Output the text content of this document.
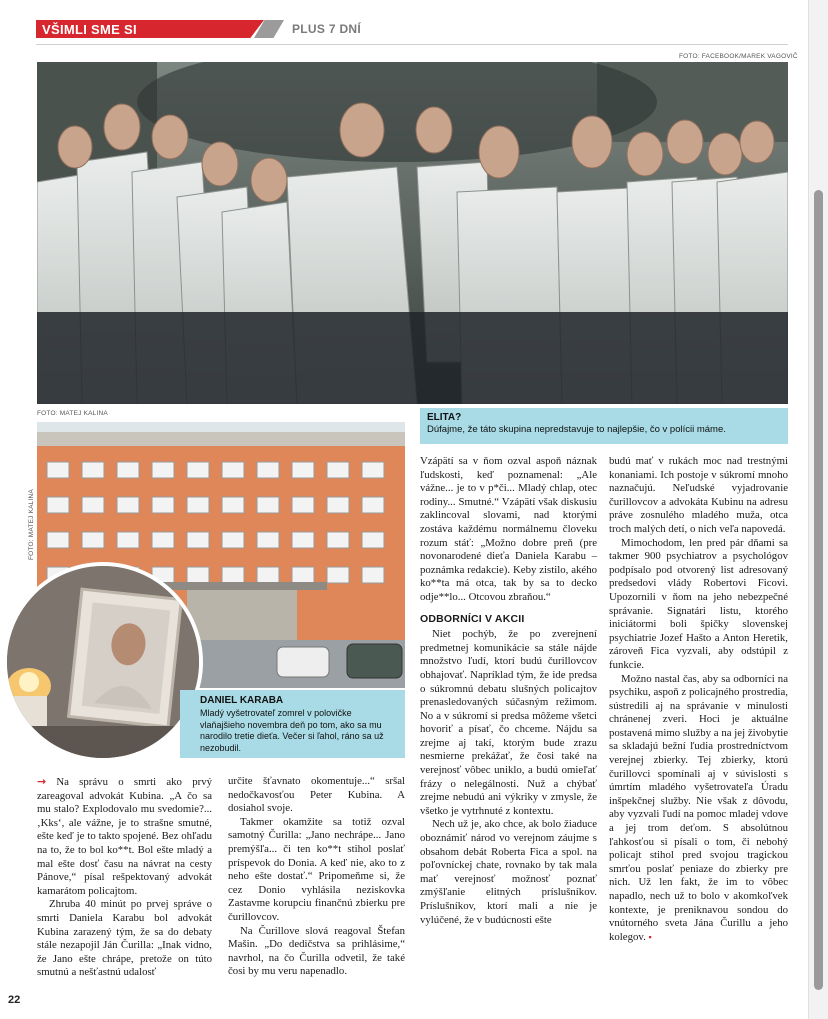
VŠIMLI SME SI	PLUS 7 DNÍ
FOTO: FACEBOOK/MAREK VAGOVIČ
FOTO: MATEJ KALINA	ELITA?
Dúfajme, že táto skupina nepredstavuje to najlepšie, čo v polícii máme.
FOTO: MATEJ KALINA
DANIEL KARABA
Mladý vyšetrovateľ zomrel v polovičke vlaňajšieho novembra deň po tom, ako sa mu narodilo tretie dieťa. Večer si ľahol, ráno sa už nezobudil.

Vzápätí sa v ňom ozval aspoň náznak ľudskosti, keď poznamenal: „Ale vážne... je to v p*či... Mladý chlap, otec rodiny... Smutné.“ Vzápätí však diskusiu zaklincoval slovami, nad ktorými zostáva každému normálnemu človeku rozum stáť: „Možno dobre preň (pre novonarodené dieťa Daniela Karabu – poznámka redakcie). Keby zistilo, akého ko**ta má otca, tak by sa to decko odje**lo... Otcovou zbraňou.“

ODBORNÍCI V AKCII

Niet pochýb, že po zverejnení predmetnej komunikácie sa stále nájde množstvo ľudí, ktorí budú čurillovcov obhajovať. Napríklad tým, že ide predsa o súkromnú debatu slušných policajtov prenasledovaných súčasným režimom. No a v súkromí si predsa môžeme všetci hovoriť a písať, čo chceme. Nájdu sa zrejme aj takí, ktorým bude zrazu nesmierne prekážať, že čosi také na verejnosť vôbec uniklo, a budú omieľať frázy o nelegálnosti. Nuž a chýbať zrejme nebudú ani výkriky v zmysle, že všetko je vytrhnuté z kontextu.

Nech už je, ako chce, ak bolo žiaduce oboznámiť národ vo verejnom záujme s obsahom debát Roberta Fica a spol. na poľovníckej chate, rovnako by tak mala mať verejnosť možnosť poznať zmýšľanie elitných príslušníkov. Príslušníkov, ktorí mali a nie je vylúčené, že v budúcnosti ešte

budú mať v rukách moc nad trestnými konaniami. Ich postoje v súkromí mnoho naznačujú. Neľudské vyjadrovanie čurillovcov a advokáta Kubinu na adresu práve zosnulého mladého muža, otca troch malých detí, o nich veľa napovedá.

Mimochodom, len pred pár dňami sa takmer 900 psychiatrov a psychológov podpísalo pod otvorený list adresovaný predsedovi vlády Robertovi Ficovi. Upozornili v ňom na jeho nebezpečné správanie. Signatári listu, ktorého iniciátormi boli špičky slovenskej psychiatrie Jozef Hašto a Anton Heretik, zároveň Fica vyzvali, aby odstúpil z funkcie.

Možno nastal čas, aby sa odborníci na psychiku, aspoň z policajného prostredia, sústredili aj na správanie v minulosti chránenej zveri. Hoci je aktuálne postavená mimo služby a na jej živobytie sa skladajú bežní ľudia prostredníctvom verejnej zbierky. Tej zbierky, ktorú čurillovci spomínali aj v súvislosti s úmrtím mladého vyšetrovateľa Úradu inšpekčnej služby. Nie však z dôvodu, aby vyzvali ľudí na pomoc mladej vdove a jej trom deťom. S absolútnou ľahkosťou si písali o tom, či nebohý policajt stihol pred svojou tragickou smrťou poslať peniaze do zbierky pre nich. Už len fakt, že im to vôbec napadlo, nech už to bolo v akomkoľvek kontexte, je preniknavou sondou do vnútorného sveta Jána Čurillu a jeho kolegov. ▪

→ Na správu o smrti ako prvý zareagoval advokát Kubina. „A čo sa mu stalo? Explodovalo mu svedomie?... ‚Kks‘, ale vážne, je to strašne smutné, ešte keď je to takto spojené. Bez ohľadu na to, že to bol ko**t. Bol ešte mladý a mal ešte dosť času na návrat na cesty Pánove,“ písal rešpektovaný advokát kamarátom policajtom.

Zhruba 40 minút po prvej správe o smrti Daniela Karabu bol advokát Kubina zarazený tým, že sa do debaty stále nezapojil Ján Čurilla: „Inak vidno, že Jano ešte chrápe, pretože on túto smutnú a nešťastnú udalosť

určite šťavnato okomentuje...“ sršal nedočkavosťou Peter Kubina. A dosiahol svoje.

Takmer okamžite sa totiž ozval samotný Čurilla: „Jano nechrápe... Jano premýšľa... či ten ko**t stihol poslať príspevok do Donia. A keď nie, ako to z neho ešte dostať.“ Pripomeňme si, že cez Donio vyhlásila neziskovka Zastavme korupciu finančnú zbierku pre čurillovcov.

Na Čurillove slová reagoval Štefan Mašin. „Do dedičstva sa prihlásime,“ navrhol, na čo Čurilla odvetil, že také čosi by mu veru napenadlo.

22
